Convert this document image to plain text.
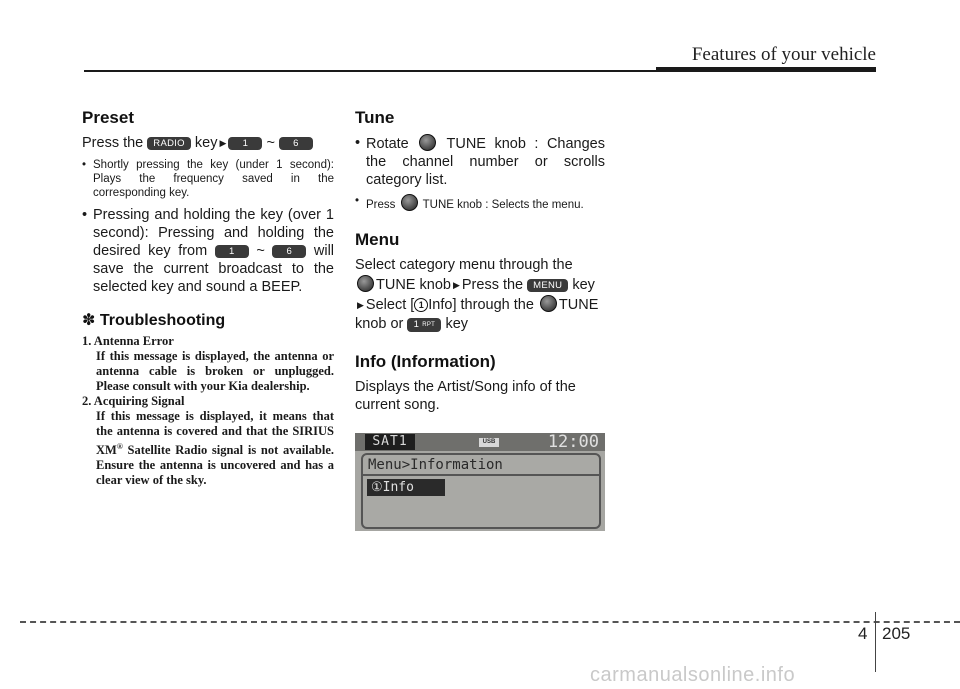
Features of your vehicle
Preset

Press the RADIO key ▶ 1 ~ 6

• Shortly pressing the key (under 1 second): Plays the frequency saved in the corresponding key.

• Pressing and holding the key (over 1 second): Pressing and holding the desired key from 1 ~ 6 will save the current broadcast to the selected key and sound a BEEP.

✽ Troubleshooting
1. Antenna Error
If this message is displayed, the antenna or antenna cable is broken or unplugged. Please consult with your Kia dealership.
2. Acquiring Signal
If this message is displayed, it means that the antenna is covered and that the SIRIUS XM® Satellite Radio signal is not available. Ensure the antenna is uncovered and has a clear view of the sky.
Tune

• Rotate	TUNE knob : Changes the channel number or scrolls category list.

• Press TUNE knob : Selects the menu.

Menu

Select category menu through the
TUNE knob ▶ Press the MENU key
▶ Select [ 1 Info] through the TUNE
knob or 1 RPT key

Info (Information)

Displays the Artist/Song info of the current song.

SAT1	USB	12:00
Menu>Information
①Info
4 205
carmanualsonline.info
